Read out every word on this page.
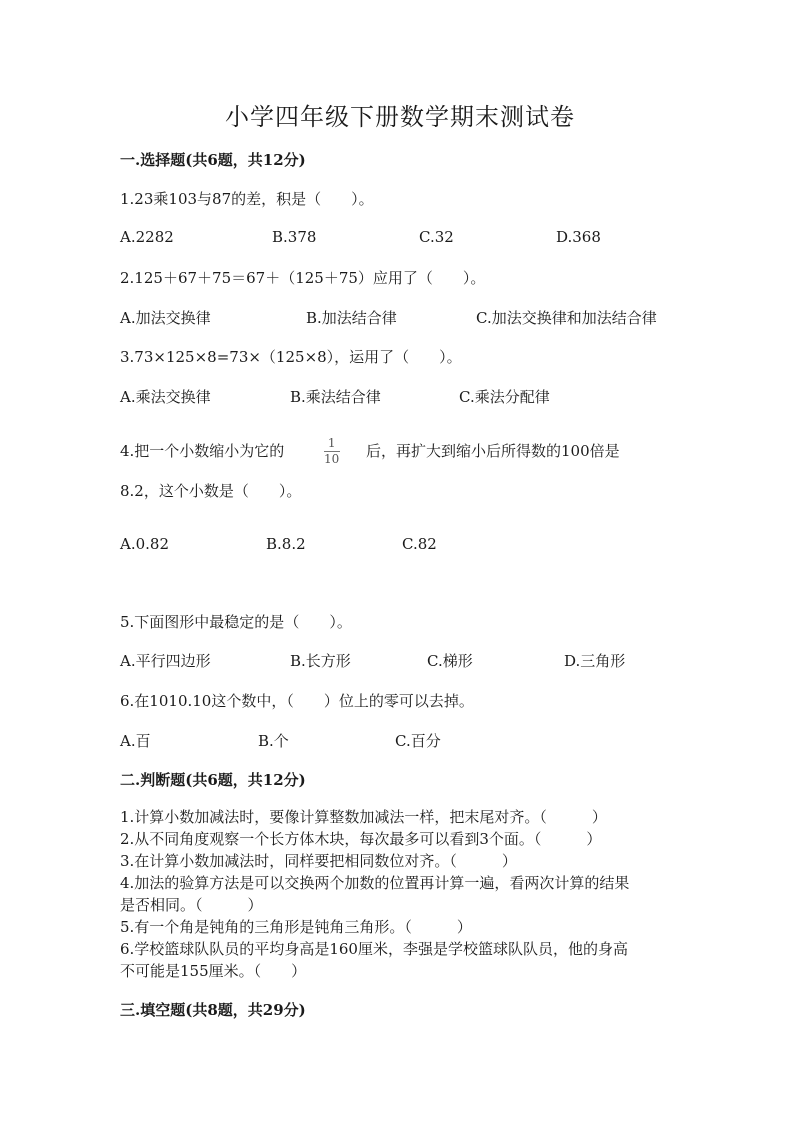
小学四年级下册数学期末测试卷
一.选择题(共6题，共12分)
1.23乘103与87的差，积是（　　）。
A.2282	B.378	C.32	D.368
2.125＋67＋75＝67＋（125＋75）应用了（　　）。
A.加法交换律	B.加法结合律	C.加法交换律和加法结合律
3.73×125×8=73×（125×8），运用了（　　）。
A.乘法交换律	B.乘法结合律	C.乘法分配律
4.把一个小数缩小为它的	$\frac{1}{10}$ 后，再扩大到缩小后所得数的100倍是
8.2，这个小数是（　　）。
A.0.82	B.8.2	C.82
5.下面图形中最稳定的是（　　）。
A.平行四边形	B.长方形	C.梯形	D.三角形
6.在1010.10这个数中，（　　）位上的零可以去掉。
A.百	B.个	C.百分
二.判断题(共6题，共12分)
1.计算小数加减法时，要像计算整数加减法一样，把末尾对齐。（　　　）
2.从不同角度观察一个长方体木块，每次最多可以看到3个面。（　　　）
3.在计算小数加减法时，同样要把相同数位对齐。（　　　）
4.加法的验算方法是可以交换两个加数的位置再计算一遍，看两次计算的结果
是否相同。（　　　）
5.有一个角是钝角的三角形是钝角三角形。（　　　）
6.学校篮球队队员的平均身高是160厘米，李强是学校篮球队队员，他的身高
不可能是155厘米。（　　）
三.填空题(共8题，共29分)
